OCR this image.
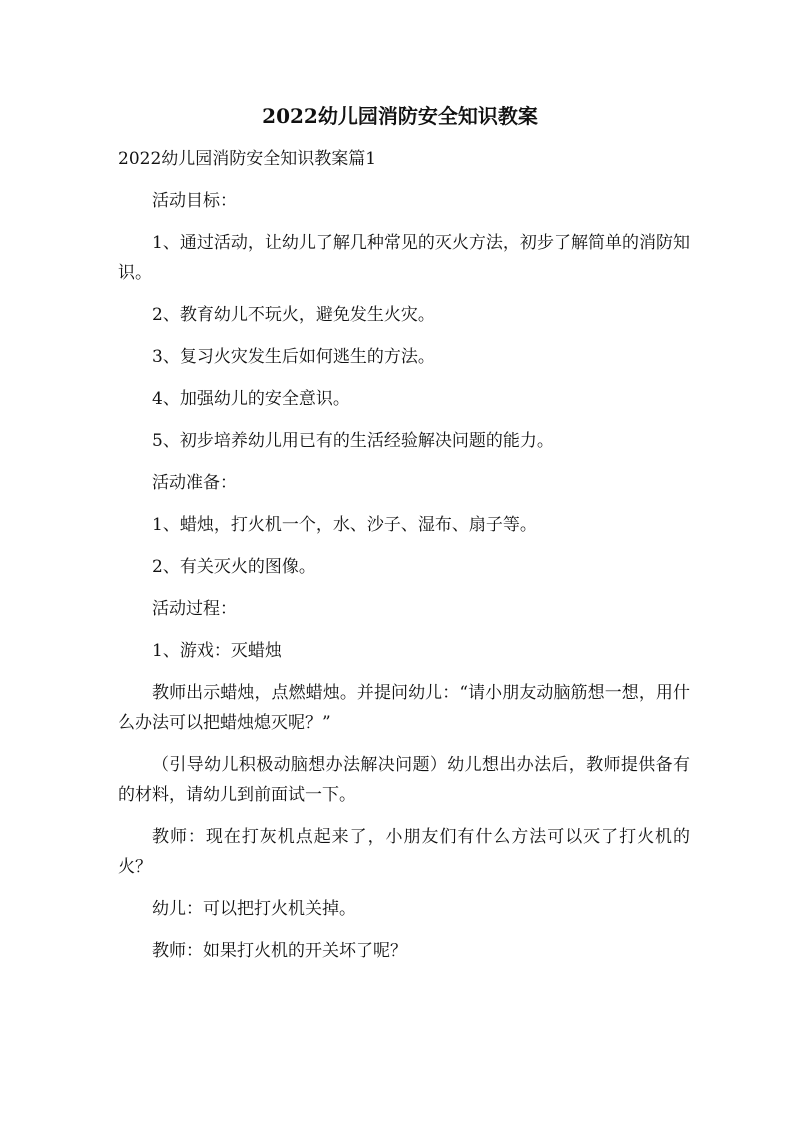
2022幼儿园消防安全知识教案

2022幼儿园消防安全知识教案篇1

活动目标：

1、通过活动，让幼儿了解几种常见的灭火方法，初步了解简单的消防知识。

2、教育幼儿不玩火，避免发生火灾。

3、复习火灾发生后如何逃生的方法。

4、加强幼儿的安全意识。

5、初步培养幼儿用已有的生活经验解决问题的能力。

活动准备：

1、蜡烛，打火机一个，水、沙子、湿布、扇子等。

2、有关灭火的图像。

活动过程：

1、游戏：灭蜡烛

教师出示蜡烛，点燃蜡烛。并提问幼儿：“请小朋友动脑筋想一想，用什么办法可以把蜡烛熄灭呢？”

（引导幼儿积极动脑想办法解决问题）幼儿想出办法后，教师提供备有的材料，请幼儿到前面试一下。

教师：现在打灰机点起来了，小朋友们有什么方法可以灭了打火机的火？

幼儿：可以把打火机关掉。

教师：如果打火机的开关坏了呢？
